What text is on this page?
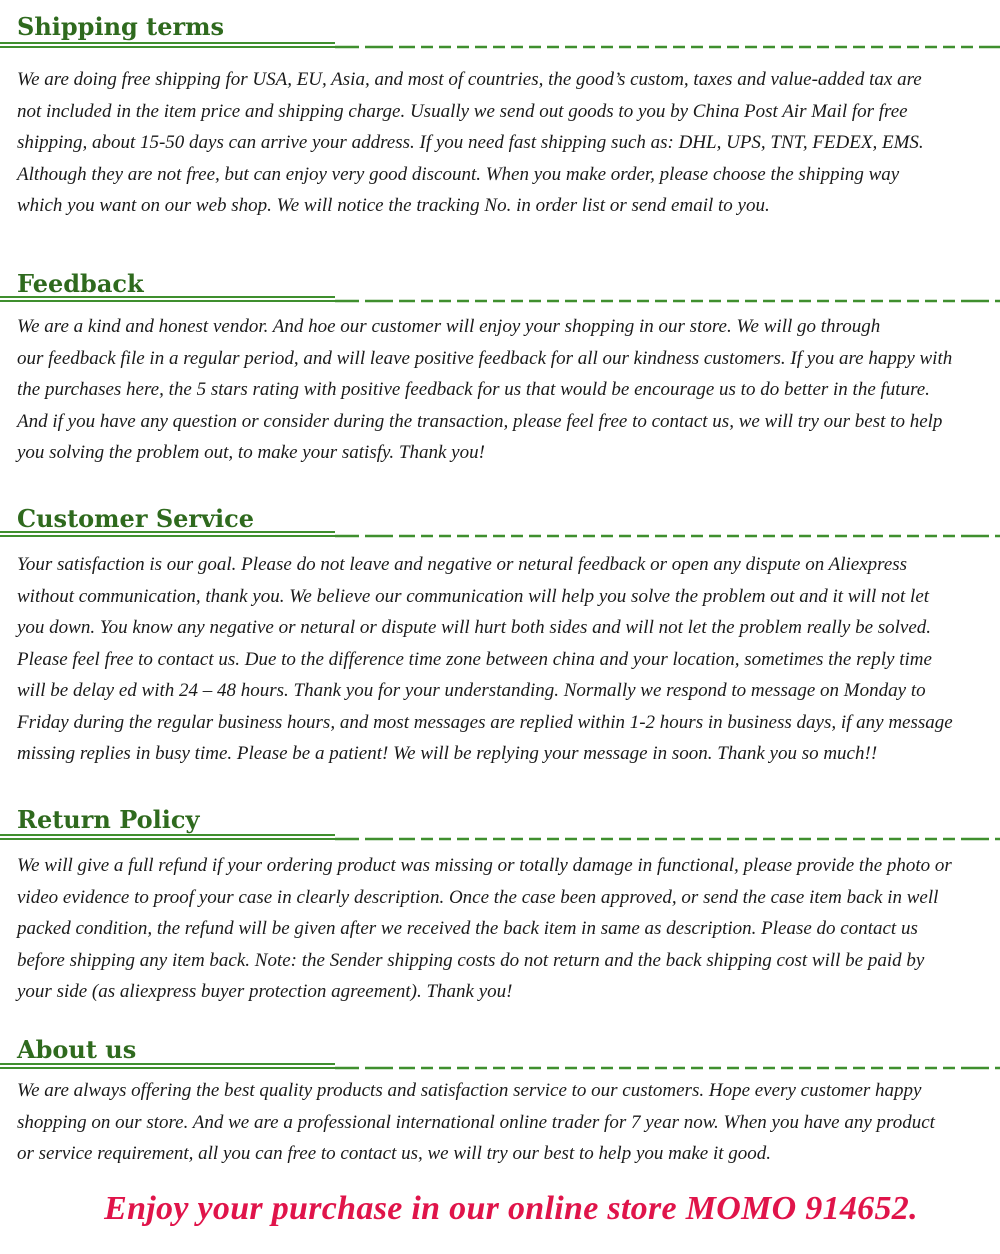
Shipping terms
We are doing free shipping for USA, EU, Asia, and most of countries, the good’s custom, taxes and value-added tax are
not included in the item price and shipping charge. Usually we send out goods to you by China Post Air Mail for free
shipping, about 15-50 days can arrive your address. If you need fast shipping such as: DHL, UPS, TNT, FEDEX, EMS.
Although they are not free, but can enjoy very good discount. When you make order, please choose the shipping way
which you want on our web shop. We will notice the tracking No. in order list or send email to you.
Feedback
We are a kind and honest vendor. And hoe our customer will enjoy your shopping in our store. We will go through
our feedback file in a regular period, and will leave positive feedback for all our kindness customers. If you are happy with
the purchases here, the 5 stars rating with positive feedback for us that would be encourage us to do better in the future.
And if you have any question or consider during the transaction, please feel free to contact us, we will try our best to help
you solving the problem out, to make your satisfy. Thank you!
Customer Service
Your satisfaction is our goal. Please do not leave and negative or netural feedback or open any dispute on Aliexpress
without communication, thank you. We believe our communication will help you solve the problem out and it will not let
you down. You know any negative or netural or dispute will hurt both sides and will not let the problem really be solved.
Please feel free to contact us. Due to the difference time zone between china and your location, sometimes the reply time
will be delay ed with 24 – 48 hours. Thank you for your understanding. Normally we respond to message on Monday to
Friday during the regular business hours, and most messages are replied within 1-2 hours in business days, if any message
missing replies in busy time. Please be a patient! We will be replying your message in soon. Thank you so much!!
Return Policy
We will give a full refund if your ordering product was missing or totally damage in functional, please provide the photo or
video evidence to proof your case in clearly description. Once the case been approved, or send the case item back in well
packed condition, the refund will be given after we received the back item in same as description. Please do contact us
before shipping any item back. Note: the Sender shipping costs do not return and the back shipping cost will be paid by
your side (as aliexpress buyer protection agreement). Thank you!
About us
We are always offering the best quality products and satisfaction service to our customers. Hope every customer happy
shopping on our store. And we are a professional international online trader for 7 year now. When you have any product
or service requirement, all you can free to contact us, we will try our best to help you make it good.

Enjoy your purchase in our online store MOMO 914652.
